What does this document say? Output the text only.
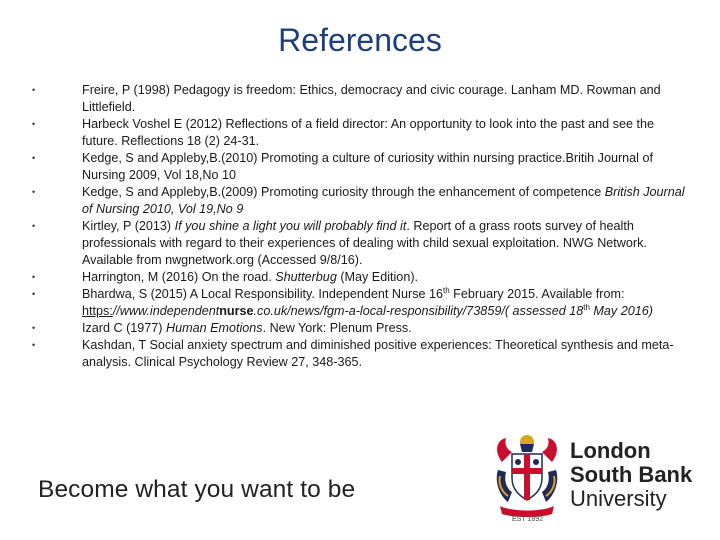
References
•	Freire, P (1998) Pedagogy is freedom: Ethics, democracy and civic courage. Lanham MD. Rowman and Littlefield.
•	Harbeck Voshel E (2012) Reflections of a field director: An opportunity to look into the past and see the future. Reflections 18 (2) 24-31.
•	Kedge, S and Appleby,B.(2010) Promoting a culture of curiosity within nursing practice.Britih Journal of Nursing 2009, Vol 18,No 10
•	Kedge, S and Appleby,B.(2009) Promoting curiosity through the enhancement of competence British Journal of Nursing 2010, Vol 19,No 9
•	Kirtley, P (2013) If you shine a light you will probably find it. Report of a grass roots survey of health professionals with regard to their experiences of dealing with child sexual exploitation. NWG Network. Available from nwgnetwork.org (Accessed 9/8/16).
•	Harrington, M (2016) On the road. Shutterbug (May Edition).
•	Bhardwa, S (2015) A Local Responsibility. Independent Nurse 16th February 2015. Available from: https://www.independentnurse.co.uk/news/fgm-a-local-responsibility/73859/( assessed 18th May 2016)
•	Izard C (1977) Human Emotions. New York: Plenum Press.
•	Kashdan, T Social anxiety spectrum and diminished positive experiences: Theoretical synthesis and meta-analysis. Clinical Psychology Review 27, 348-365.
Become what you want to be
EST 1892
London
South Bank
University
